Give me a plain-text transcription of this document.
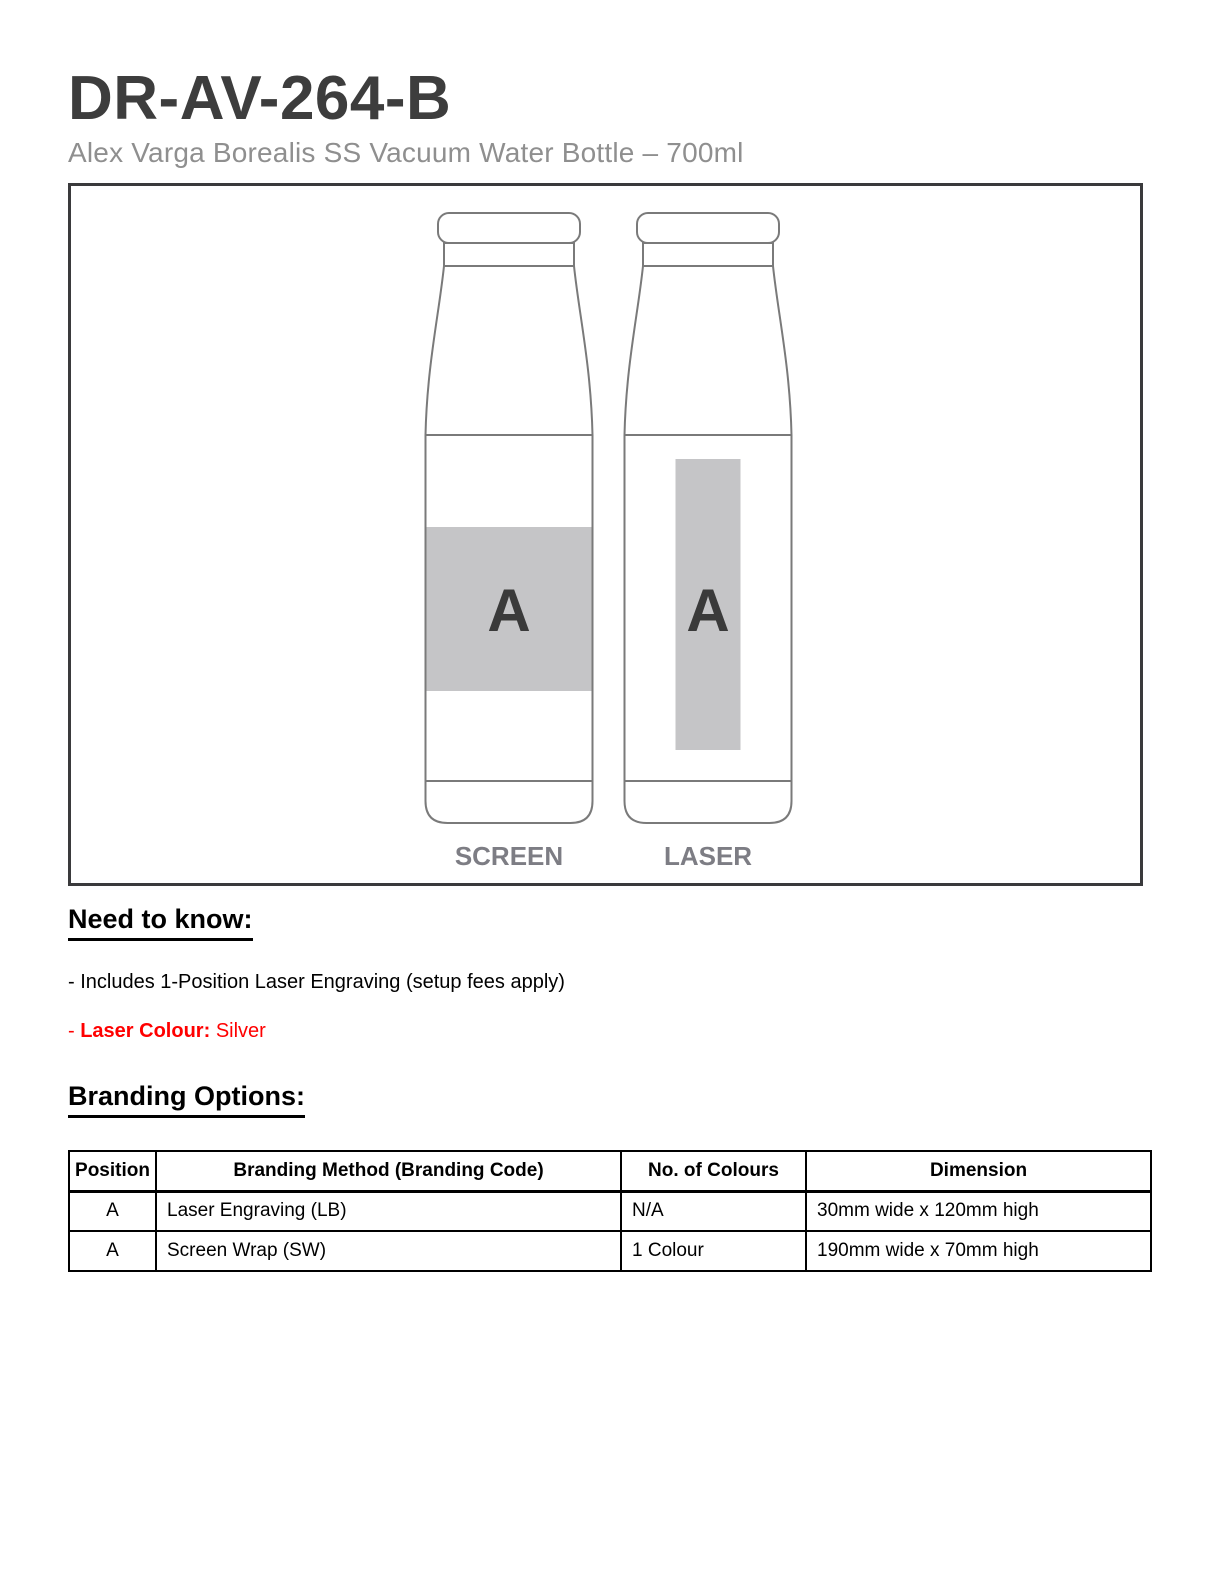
DR-AV-264-B
Alex Varga Borealis SS Vacuum Water Bottle – 700ml
A
SCREEN
A
LASER
Need to know:

- Includes 1-Position Laser Engraving (setup fees apply)

- Laser Colour: Silver

Branding Options:
Position	Branding Method (Branding Code)	No. of Colours	Dimension
A	Laser Engraving (LB)	N/A	30mm wide x 120mm high
A	Screen Wrap (SW)	1 Colour	190mm wide x 70mm high
